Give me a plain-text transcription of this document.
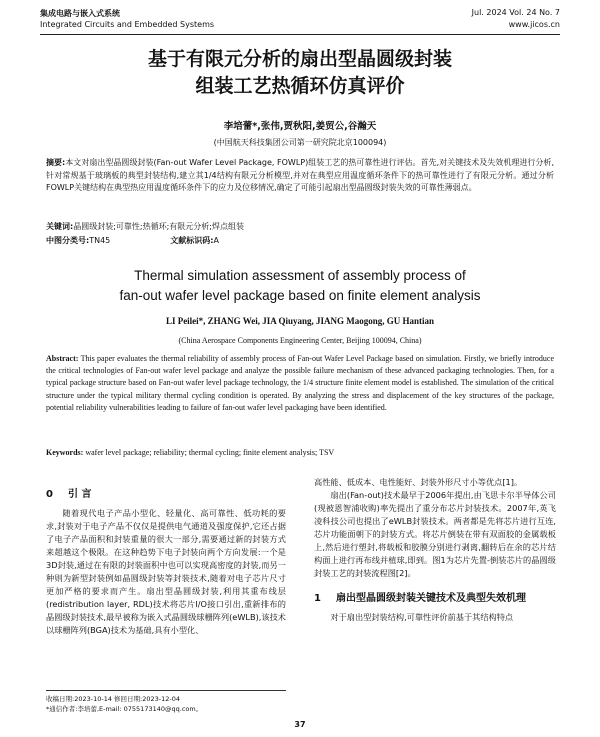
集成电路与嵌入式系统
Integrated Circuits and Embedded Systems
Jul. 2024 Vol. 24 No. 7
www.jicos.cn
基于有限元分析的扇出型晶圆级封装
组装工艺热循环仿真评价
李培蕾*,张伟,贾秋阳,姜贸公,谷瀚天
(中国航天科技集团公司第一研究院北京100094)
摘要:本文对扇出型晶圆级封装(Fan-out Wafer Level Package, FOWLP)组装工艺的热可靠性进行评估。首先,对关键技术及失效机理进行分析,针对常规基于玻璃板的典型封装结构,建立其1/4结构有限元分析模型,并对在典型应用温度循环条件下的热可靠性进行了有限元分析。通过分析FOWLP关键结构在典型热应用温度循环条件下的应力及位移情况,确定了可能引起扇出型晶圆级封装失效的可靠性薄弱点。
关键词:晶圆级封装;可靠性;热循环;有限元分析;焊点组装
中图分类号:TN45	文献标识码:A
Thermal simulation assessment of assembly process of
fan-out wafer level package based on finite element analysis
LI Peilei*, ZHANG Wei, JIA Qiuyang, JIANG Maogong, GU Hantian
(China Aerospace Components Engineering Center, Beijing 100094, China)
Abstract: This paper evaluates the thermal reliability of assembly process of Fan-out Wafer Level Package based on simulation. Firstly, we briefly introduce the critical technologies of Fan-out wafer level package and analyze the possible failure mechanism of these advanced packaging technologies. Then, for a typical package structure based on Fan-out wafer level package technology, the 1/4 structure finite element model is established. The simulation of the critical structure under the typical military thermal cycling condition is operated. By analyzing the stress and displacement of the key structures of the package, potential reliability vulnerabilities leading to failure of fan-out wafer level packaging have been identified.
Keywords: wafer level package; reliability; thermal cycling; finite element analysis; TSV
0 引 言

随着现代电子产品小型化、轻量化、高可靠性、低功耗的要求,封装对于电子产品不仅仅是提供电气通道及强度保护,它还占据了电子产品面积和封装重量的很大一部分,需要通过新的封装方式来超越这个极限。在这种趋势下电子封装向两个方向发展:一个是3D封装,通过在有限的封装面积中也可以实现高密度的封装,而另一种则为新型封装例如晶圆级封装等封装技术,随着对电子芯片尺寸更加严格的要求而产生。扇出型晶圆级封装,利用其重布线层(redistribution layer, RDL)技术将芯片I/O接口引出,重新排布的晶圆级封装技术,最早被称为嵌入式晶圆级球栅阵列(eWLB),该技术以球栅阵列(BGA)技术为基础,具有小型化、

高性能、低成本、电性能好、封装外形尺寸小等优点[1]。

扇出(Fan-out)技术最早于2006年提出,由飞思卡尔半导体公司(现被恩智浦收购)率先提出了重分布芯片封装技术。2007年,英飞凌科技公司也提出了eWLB封装技术。两者都是先将芯片进行互连,芯片功能面朝下的封装方式。将芯片倒装在带有双面胶的金属载板上,然后进行塑封,将载板和胶膜分别进行剥离,翻转后在余的芯片结构面上进行再布线并植球,即到。图1为芯片先置-倒装芯片的晶圆级封装工艺的封装流程图[2]。

1 扇出型晶圆级封装关键技术及典型失效机理

对于扇出型封装结构,可靠性评价前基于其结构特点

收稿日期:2023-10-14 修回日期:2023-12-04
*通信作者:李培蕾,E-mail: 0755173140@qq.com。
37
